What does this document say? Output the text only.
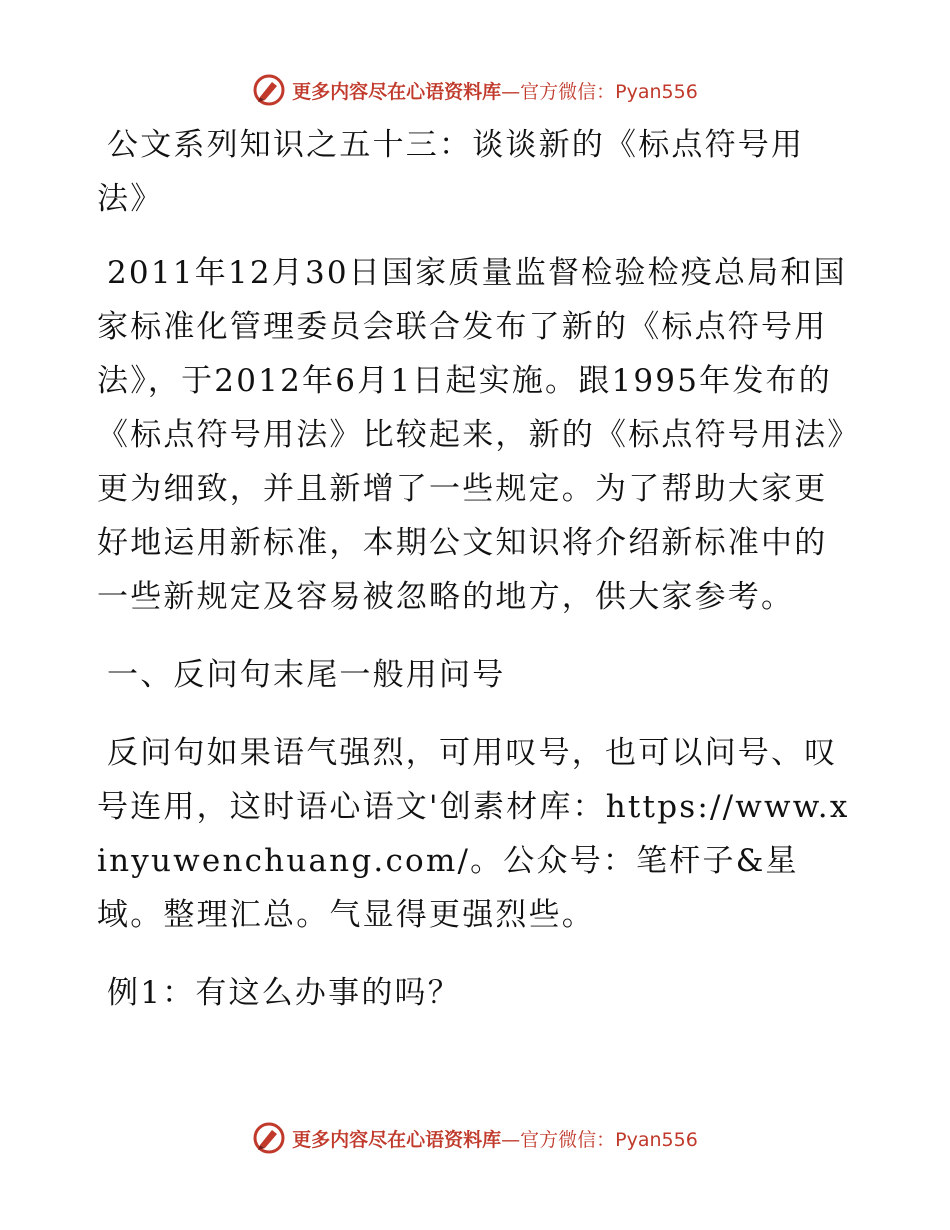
更多内容尽在心语资料库—官方微信：Pyan556
公文系列知识之五十三：谈谈新的《标点符号用法》
2011年12月30日国家质量监督检验检疫总局和国家标准化管理委员会联合发布了新的《标点符号用法》，于2012年6月1日起实施。跟1995年发布的《标点符号用法》比较起来，新的《标点符号用法》更为细致，并且新增了一些规定。为了帮助大家更好地运用新标准，本期公文知识将介绍新标准中的一些新规定及容易被忽略的地方，供大家参考。
一、反问句末尾一般用问号
反问句如果语气强烈，可用叹号，也可以问号、叹号连用，这时语心语文'创素材库：https://www.xinyuwenchuang.com/。公众号：笔杆子&星域。整理汇总。气显得更强烈些。
例1：有这么办事的吗？
更多内容尽在心语资料库—官方微信：Pyan556
